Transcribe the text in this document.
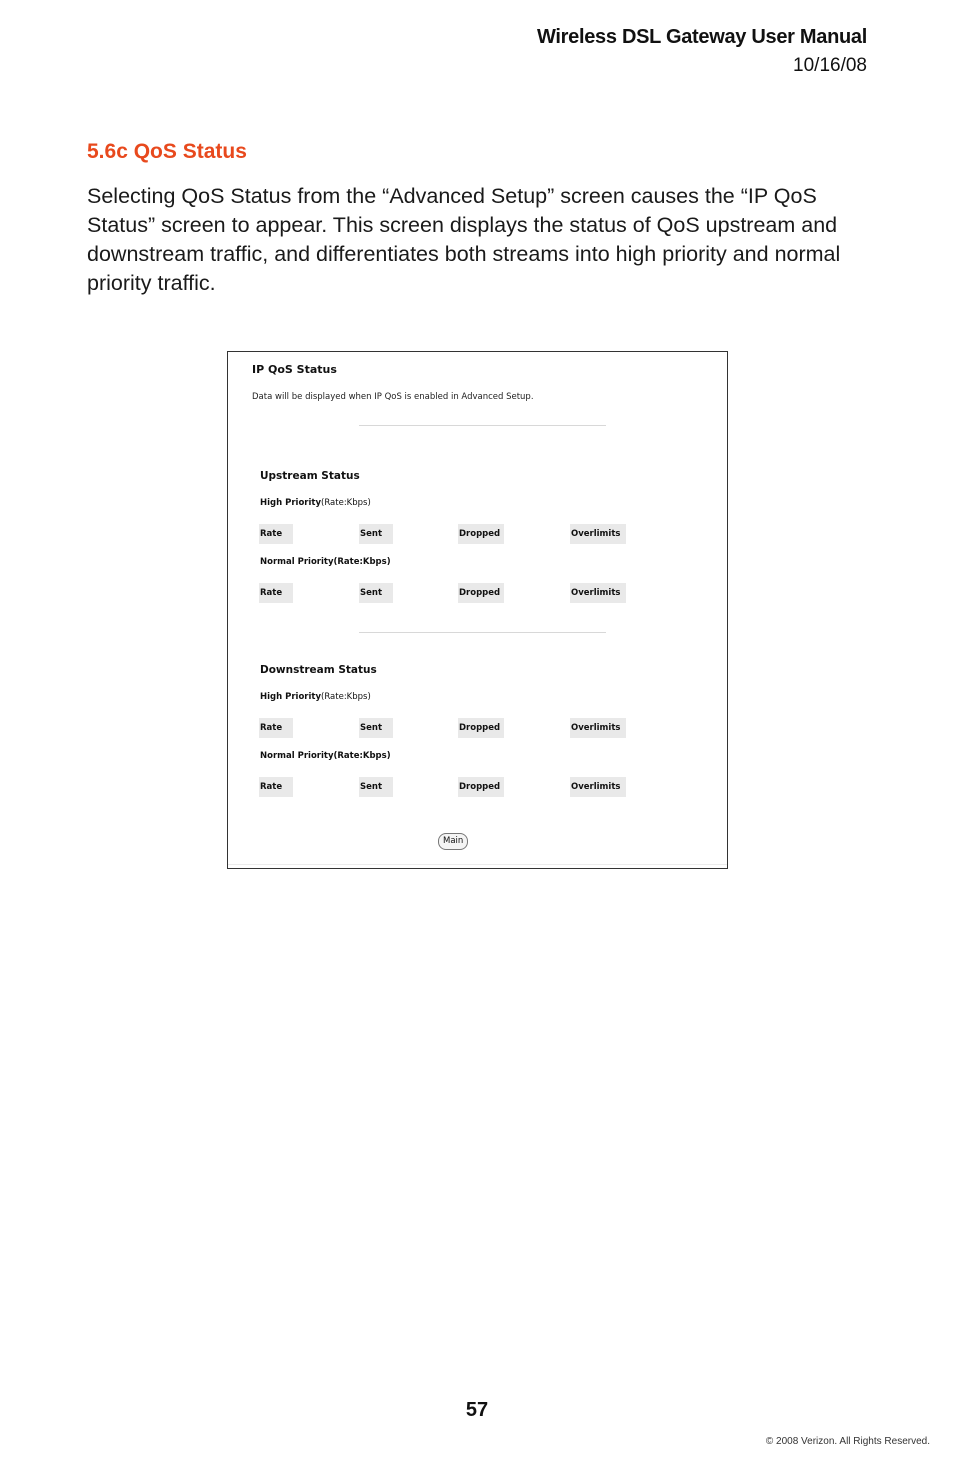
Wireless DSL Gateway User Manual
10/16/08
5.6c QoS Status

Selecting QoS Status from the “Advanced Setup” screen causes the “IP QoS Status” screen to appear. This screen displays the status of QoS upstream and downstream traffic, and differentiates both streams into high priority and normal priority traffic.

IP QoS Status
Data will be displayed when IP QoS is enabled in Advanced Setup.
Upstream Status
High Priority(Rate:Kbps)
Rate	Sent	Dropped	Overlimits
Normal Priority(Rate:Kbps)
Rate	Sent	Dropped	Overlimits
Downstream Status
High Priority(Rate:Kbps)
Rate	Sent	Dropped	Overlimits
Normal Priority(Rate:Kbps)
Rate	Sent	Dropped	Overlimits
Main
57
© 2008 Verizon. All Rights Reserved.
